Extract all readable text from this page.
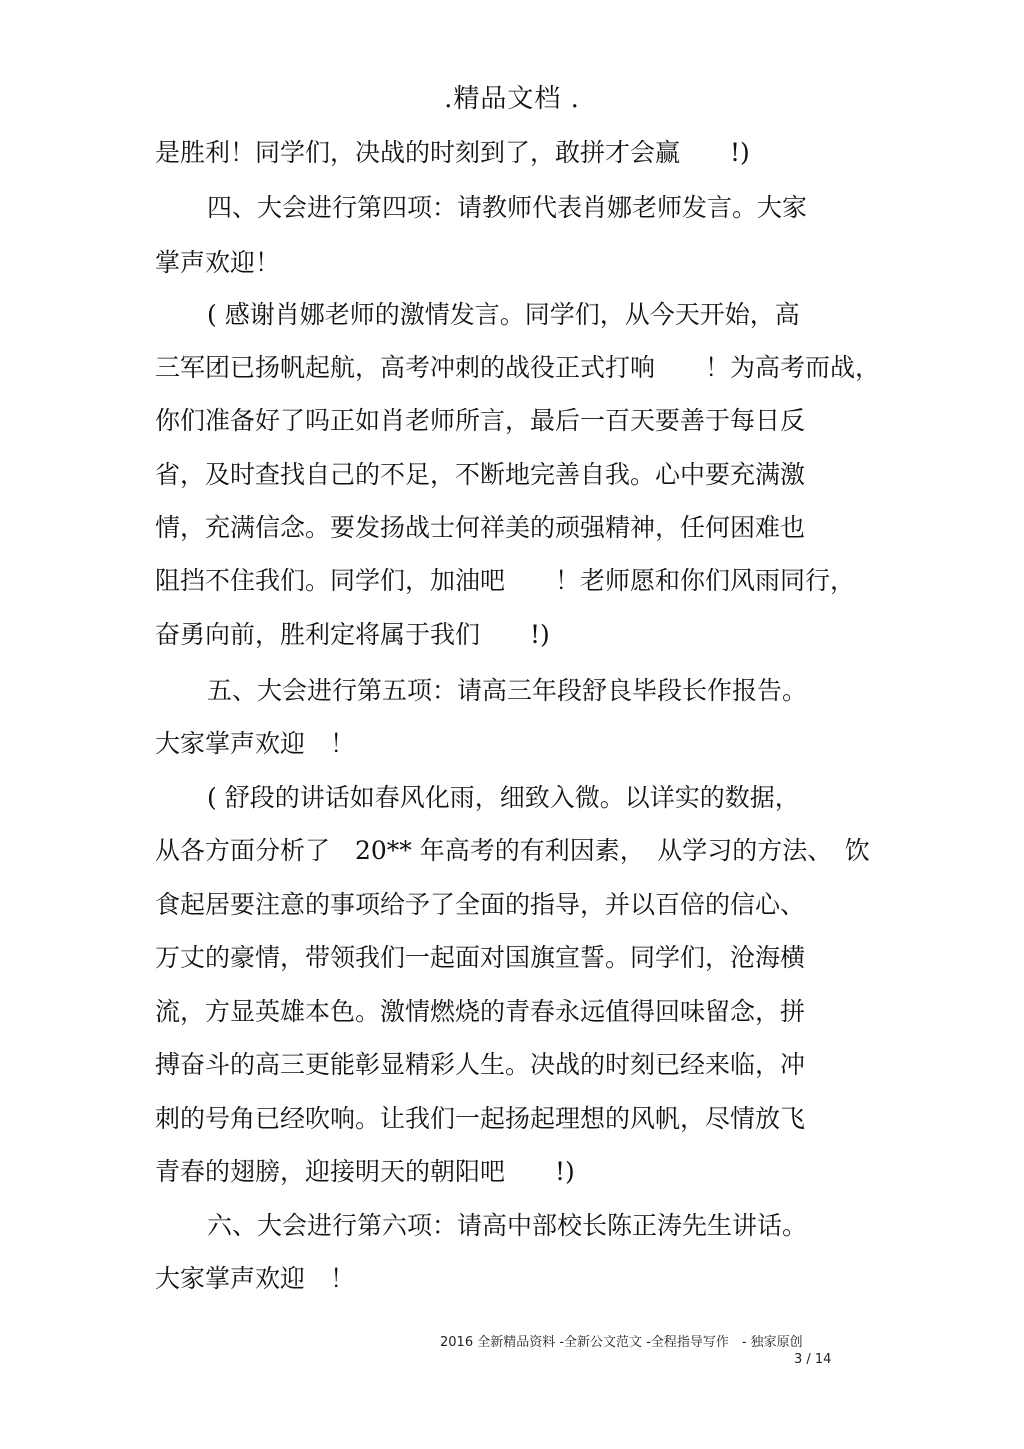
.精品文档 .
是胜利！同学们，决战的时刻到了，敢拼才会赢　　!)
四、大会进行第四项：请教师代表肖娜老师发言。大家
掌声欢迎！
( 感谢肖娜老师的激情发言。同学们，从今天开始，高
三军团已扬帆起航，高考冲刺的战役正式打响　　！为高考而战，
你们准备好了吗正如肖老师所言，最后一百天要善于每日反
省，及时查找自己的不足，不断地完善自我。心中要充满激
情，充满信念。要发扬战士何祥美的顽强精神，任何困难也
阻挡不住我们。同学们，加油吧　　！老师愿和你们风雨同行，
奋勇向前，胜利定将属于我们　　!)
五、大会进行第五项：请高三年段舒良毕段长作报告。
大家掌声欢迎　！
( 舒段的讲话如春风化雨，细致入微。以详实的数据，
从各方面分析了　20** 年高考的有利因素，　从学习的方法、　饮
食起居要注意的事项给予了全面的指导，并以百倍的信心、
万丈的豪情，带领我们一起面对国旗宣誓。同学们，沧海横
流，方显英雄本色。激情燃烧的青春永远值得回味留念，拼
搏奋斗的高三更能彰显精彩人生。决战的时刻已经来临，冲
刺的号角已经吹响。让我们一起扬起理想的风帆，尽情放飞
青春的翅膀，迎接明天的朝阳吧　　!)
六、大会进行第六项：请高中部校长陈正涛先生讲话。
大家掌声欢迎　！
2016 全新精品资料 -全新公文范文 -全程指导写作　- 独家原创
3 / 14
